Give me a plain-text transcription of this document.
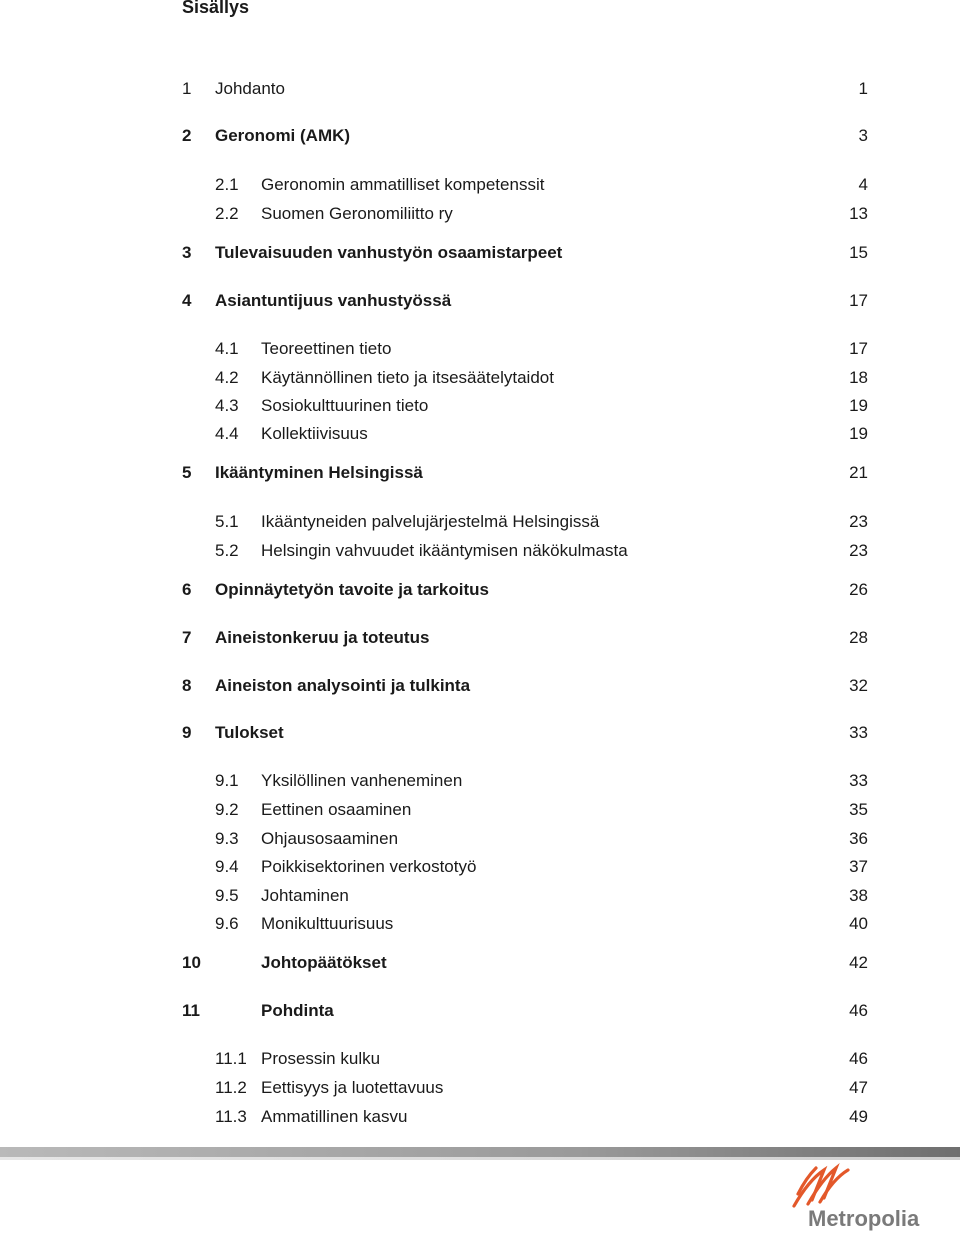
Sisällys
1 Johdanto	1
2 Geronomi (AMK)	3
2.1 Geronomin ammatilliset kompetenssit	4
2.2 Suomen Geronomiliitto ry	13
3 Tulevaisuuden vanhustyön osaamistarpeet	15
4 Asiantuntijuus vanhustyössä	17
4.1 Teoreettinen tieto	17
4.2 Käytännöllinen tieto ja itsesäätelytaidot	18
4.3 Sosiokulttuurinen tieto	19
4.4 Kollektiivisuus	19
5 Ikääntyminen Helsingissä	21
5.1 Ikääntyneiden palvelujärjestelmä Helsingissä	23
5.2 Helsingin vahvuudet ikääntymisen näkökulmasta	23
6 Opinnäytetyön tavoite ja tarkoitus	26
7 Aineistonkeruu ja toteutus	28
8 Aineiston analysointi ja tulkinta	32
9 Tulokset	33
9.1 Yksilöllinen vanheneminen	33
9.2 Eettinen osaaminen	35
9.3 Ohjausosaaminen	36
9.4 Poikkisektorinen verkostotyö	37
9.5 Johtaminen	38
9.6 Monikulttuurisuus	40
10	Johtopäätökset	42
11	Pohdinta	46
11.1 Prosessin kulku	46
11.2 Eettisyys ja luotettavuus	47
11.3 Ammatillinen kasvu	49
Metropolia
